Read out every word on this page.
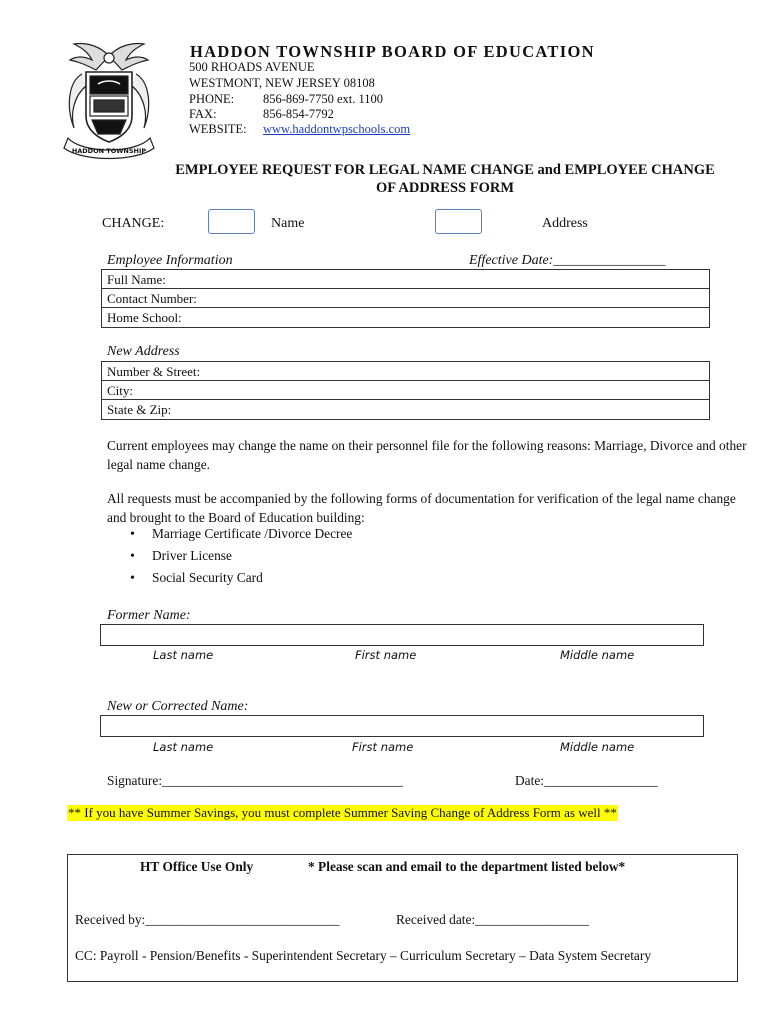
HADDON TOWNSHIP
HADDON TOWNSHIP BOARD OF EDUCATION
500 RHOADS AVENUE
WESTMONT, NEW JERSEY 08108
PHONE: 856-869-7750 ext. 1100
FAX:	856-854-7792
WEBSITE: www.haddontwpschools.com
EMPLOYEE REQUEST FOR LEGAL NAME CHANGE and EMPLOYEE CHANGE
OF ADDRESS FORM
CHANGE:	Name	Address
Employee Information	Effective Date:________________
Full Name:
Contact Number:
Home School:
New Address
Number & Street:
City:
State & Zip:
Current employees may change the name on their personnel file for the following reasons: Marriage, Divorce and other legal name change.
All requests must be accompanied by the following forms of documentation for verification of the legal name change and brought to the Board of Education building:
• Marriage Certificate /Divorce Decree
• Driver License
• Social Security Card
Former Name:
Last name	First name	Middle name
New or Corrected Name:
Last name	First name	Middle name
Signature:____________________________________	Date:_________________
** If you have Summer Savings, you must complete Summer Saving Change of Address Form as well **
HT Office Use Only	* Please scan and email to the department listed below*
Received by:_____________________________	Received date:_________________
CC: Payroll - Pension/Benefits - Superintendent Secretary – Curriculum Secretary – Data System Secretary
